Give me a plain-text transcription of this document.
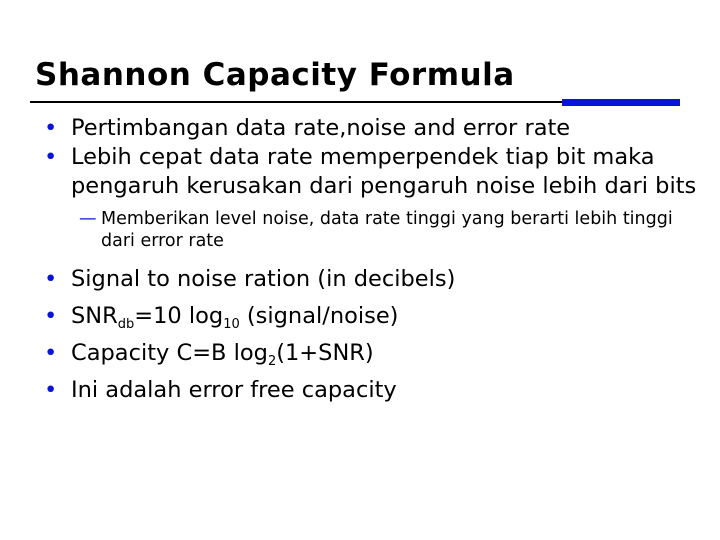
Shannon Capacity Formula
• Pertimbangan data rate,noise and error rate
• Lebih cepat data rate memperpendek tiap bit maka pengaruh kerusakan dari pengaruh noise lebih dari bits
— Memberikan level noise, data rate tinggi yang berarti lebih tinggi dari error rate
• Signal to noise ration (in decibels)
• $SNR_{db}=10$ $\log_{10}$ (signal/noise)
• Capacity C=B $\log_2(1+SNR)$
• Ini adalah error free capacity
